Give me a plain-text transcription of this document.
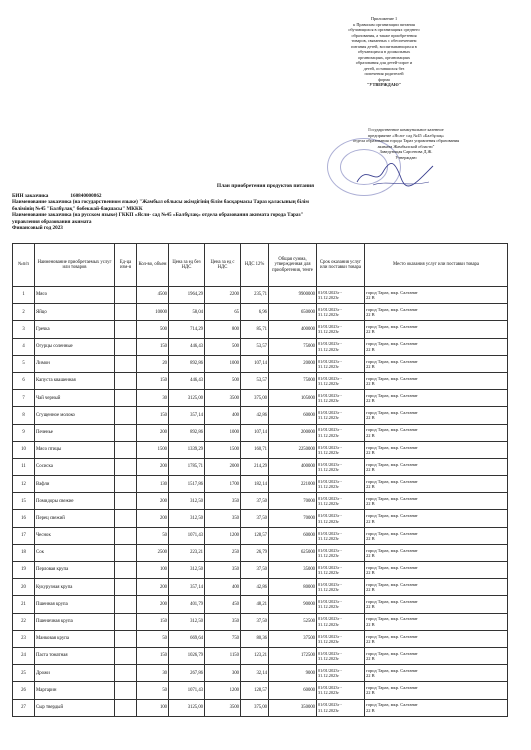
Приложение 1
к Правилам организации питания
обучающихся в организациях среднего
образования, а также приобретения
товаров, связанных с обеспечением
питания детей, воспитывающихся в
обучающихся в дошкольных
организациях, организациях
образования для детей-сирот и
детей, оставшихся без
попечения родителей
форма
"УТВЕРЖДАЮ"
Государственное коммунальное казенное
предприятие «Ясли- сад №45 «Балбұлақ»
отдела образования города Тараз управления образования
акимата Жамбылской области"
Заведующая Сарсенова Д.Ж.
Утверждаю
План приобретения продуктов питания
БИН заказчика	160840000862
Наименование заказчика (на государственном языке) "Жамбыл облысы әкімдігінің білім басқармасы Тараз қаласының білім
бөлімінің №45 "Балбұлақ" бөбекжай-бақшасы" МККК
Наименование заказчика (на русском языке) ГККП «Ясли- сад №45 «Балбұлақ» отдела образования акимата города Тараз"
управления образования акимата
Финансовый год 2023
№п/п	Наименование приобретаемых услуг или товаров	Ед-ца изм-я	Кол-во, объем	Цена за ед без НДС	Цена за ед с НДС	НДС 12%	Общая сумма, утвержденная для приобретения, тенге	Срок оказания услуг или поставки товара	Место оказания услуг или поставки товара
1	Мясо		4500	1964,29	2200	235,71	9900000	01/01/2023г -
31.12.2023г	город Тараз, мкр. Салтанат
22 В
2	Яйцо		10000	58,04	65	6,96	650000	01/01/2023г -
31.12.2023г	город Тараз, мкр. Салтанат
22 В
3	Гречка		500	714,29	800	85,71	400000	01/01/2023г -
31.12.2023г	город Тараз, мкр. Салтанат
22 В
4	Огурцы соленные		150	446,43	500	53,57	75000	01/01/2023г -
31.12.2023г	город Тараз, мкр. Салтанат
22 В
5	Лимон		20	892,86	1000	107,14	20000	01/01/2023г -
31.12.2023г	город Тараз, мкр. Салтанат
22 В
6	Капуста квашенная		150	446,43	500	53,57	75000	01/01/2023г -
31.12.2023г	город Тараз, мкр. Салтанат
22 В
7	Чай черный		30	3125,00	3500	375,00	105000	01/01/2023г -
31.12.2023г	город Тараз, мкр. Салтанат
22 В
8	Сгущенное молоко		150	357,14	400	42,86	60000	01/01/2023г -
31.12.2023г	город Тараз, мкр. Салтанат
22 В
9	Печенье		200	892,86	1000	107,14	200000	01/01/2023г -
31.12.2023г	город Тараз, мкр. Салтанат
22 В
10	Мясо птицы		1500	1339,29	1500	160,71	2250000	01/01/2023г -
31.12.2023г	город Тараз, мкр. Салтанат
22 В
11	Сосиска		200	1785,71	2000	214,29	400000	01/01/2023г -
31.12.2023г	город Тараз, мкр. Салтанат
22 В
12	Вафли		130	1517,86	1700	182,14	221000	01/01/2023г -
31.12.2023г	город Тараз, мкр. Салтанат
22 В
15	Помидоры свежие		200	312,50	350	37,50	70000	01/01/2023г -
31.12.2023г	город Тараз, мкр. Салтанат
22 В
16	Перец свежий		200	312,50	350	37,50	70000	01/01/2023г -
31.12.2023г	город Тараз, мкр. Салтанат
22 В
17	Чеснок		50	1071,43	1200	128,57	60000	01/01/2023г -
31.12.2023г	город Тараз, мкр. Салтанат
22 В
18	Сок		2500	223,21	250	26,79	625000	01/01/2023г -
31.12.2023г	город Тараз, мкр. Салтанат
22 В
19	Перловая крупа		100	312,50	350	37,50	35000	01/01/2023г -
31.12.2023г	город Тараз, мкр. Салтанат
22 В
20	Кукурузная крупа		200	357,14	400	42,86	80000	01/01/2023г -
31.12.2023г	город Тараз, мкр. Салтанат
22 В
21	Пшенная крупа		200	401,79	450	48,21	90000	01/01/2023г -
31.12.2023г	город Тараз, мкр. Салтанат
22 В
22	Пшеничная крупа		150	312,50	350	37,50	52500	01/01/2023г -
31.12.2023г	город Тараз, мкр. Салтанат
22 В
23	Манковая крупа		50	669,64	750	80,36	37500	01/01/2023г -
31.12.2023г	город Тараз, мкр. Салтанат
22 В
24	Паста томатная		150	1026,79	1150	123,21	172500	01/01/2023г -
31.12.2023г	город Тараз, мкр. Салтанат
22 В
25	Дрожи		30	267,86	300	32,14	9000	01/01/2023г -
31.12.2023г	город Тараз, мкр. Салтанат
22 В
26	Маргарин		50	1071,43	1200	128,57	60000	01/01/2023г -
31.12.2023г	город Тараз, мкр. Салтанат
22 В
27	Сыр твердый		100	3125,00	3500	375,00	350000	01/01/2023г -
31.12.2023г	город Тараз, мкр. Салтанат
22 В
